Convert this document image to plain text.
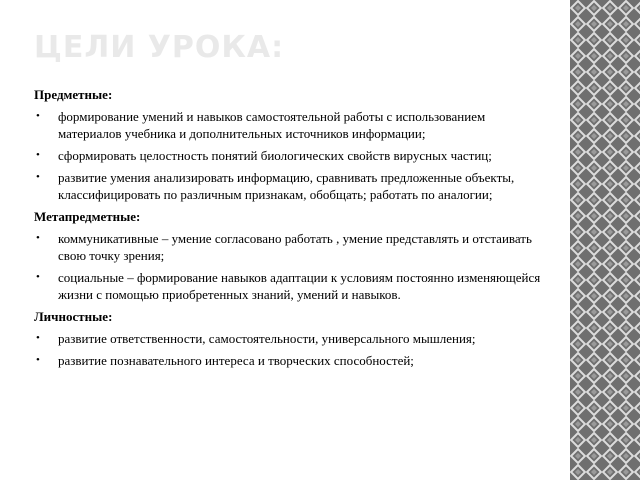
ЦЕЛИ УРОКА:
Предметные:
• формирование умений и навыков самостоятельной работы с использованием материалов учебника и дополнительных источников информации;
• сформировать целостность понятий биологических свойств вирусных частиц;
• развитие умения анализировать информацию, сравнивать предложенные объекты, классифицировать по различным признакам, обобщать; работать по аналогии;
Метапредметные:
• коммуникативные – умение согласовано работать , умение представлять и отстаивать свою точку зрения;
• социальные – формирование навыков адаптации к условиям постоянно изменяющейся жизни с помощью приобретенных знаний, умений и навыков.
Личностные:
• развитие ответственности, самостоятельности, универсального мышления;
• развитие познавательного интереса и творческих способностей;
